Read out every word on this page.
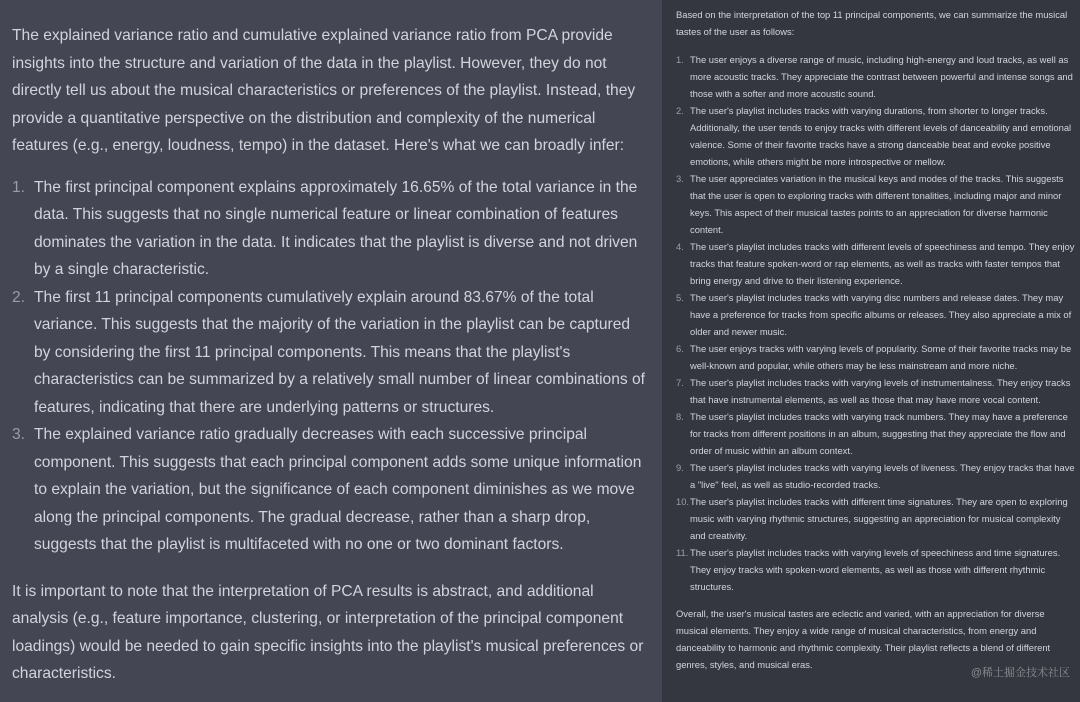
The explained variance ratio and cumulative explained variance ratio from PCA provide insights into the structure and variation of the data in the playlist. However, they do not directly tell us about the musical characteristics or preferences of the playlist. Instead, they provide a quantitative perspective on the distribution and complexity of the numerical features (e.g., energy, loudness, tempo) in the dataset. Here's what we can broadly infer:

1. The first principal component explains approximately 16.65% of the total variance in the data. This suggests that no single numerical feature or linear combination of features dominates the variation in the data. It indicates that the playlist is diverse and not driven by a single characteristic.
2. The first 11 principal components cumulatively explain around 83.67% of the total variance. This suggests that the majority of the variation in the playlist can be captured by considering the first 11 principal components. This means that the playlist's characteristics can be summarized by a relatively small number of linear combinations of features, indicating that there are underlying patterns or structures.
3. The explained variance ratio gradually decreases with each successive principal component. This suggests that each principal component adds some unique information to explain the variation, but the significance of each component diminishes as we move along the principal components. The gradual decrease, rather than a sharp drop, suggests that the playlist is multifaceted with no one or two dominant factors.

It is important to note that the interpretation of PCA results is abstract, and additional analysis (e.g., feature importance, clustering, or interpretation of the principal component loadings) would be needed to gain specific insights into the playlist's musical preferences or characteristics.

Based on the interpretation of the top 11 principal components, we can summarize the musical tastes of the user as follows:

1. The user enjoys a diverse range of music, including high-energy and loud tracks, as well as more acoustic tracks. They appreciate the contrast between powerful and intense songs and those with a softer and more acoustic sound.
2. The user's playlist includes tracks with varying durations, from shorter to longer tracks. Additionally, the user tends to enjoy tracks with different levels of danceability and emotional valence. Some of their favorite tracks have a strong danceable beat and evoke positive emotions, while others might be more introspective or mellow.
3. The user appreciates variation in the musical keys and modes of the tracks. This suggests that the user is open to exploring tracks with different tonalities, including major and minor keys. This aspect of their musical tastes points to an appreciation for diverse harmonic content.
4. The user's playlist includes tracks with different levels of speechiness and tempo. They enjoy tracks that feature spoken-word or rap elements, as well as tracks with faster tempos that bring energy and drive to their listening experience.
5. The user's playlist includes tracks with varying disc numbers and release dates. They may have a preference for tracks from specific albums or releases. They also appreciate a mix of older and newer music.
6. The user enjoys tracks with varying levels of popularity. Some of their favorite tracks may be well-known and popular, while others may be less mainstream and more niche.
7. The user's playlist includes tracks with varying levels of instrumentalness. They enjoy tracks that have instrumental elements, as well as those that may have more vocal content.
8. The user's playlist includes tracks with varying track numbers. They may have a preference for tracks from different positions in an album, suggesting that they appreciate the flow and order of music within an album context.
9. The user's playlist includes tracks with varying levels of liveness. They enjoy tracks that have a "live" feel, as well as studio-recorded tracks.
10. The user's playlist includes tracks with different time signatures. They are open to exploring music with varying rhythmic structures, suggesting an appreciation for musical complexity and creativity.
11. The user's playlist includes tracks with varying levels of speechiness and time signatures. They enjoy tracks with spoken-word elements, as well as those with different rhythmic structures.

Overall, the user's musical tastes are eclectic and varied, with an appreciation for diverse musical elements. They enjoy a wide range of musical characteristics, from energy and danceability to harmonic and rhythmic complexity. Their playlist reflects a blend of different genres, styles, and musical eras.

@稀土掘金技术社区
